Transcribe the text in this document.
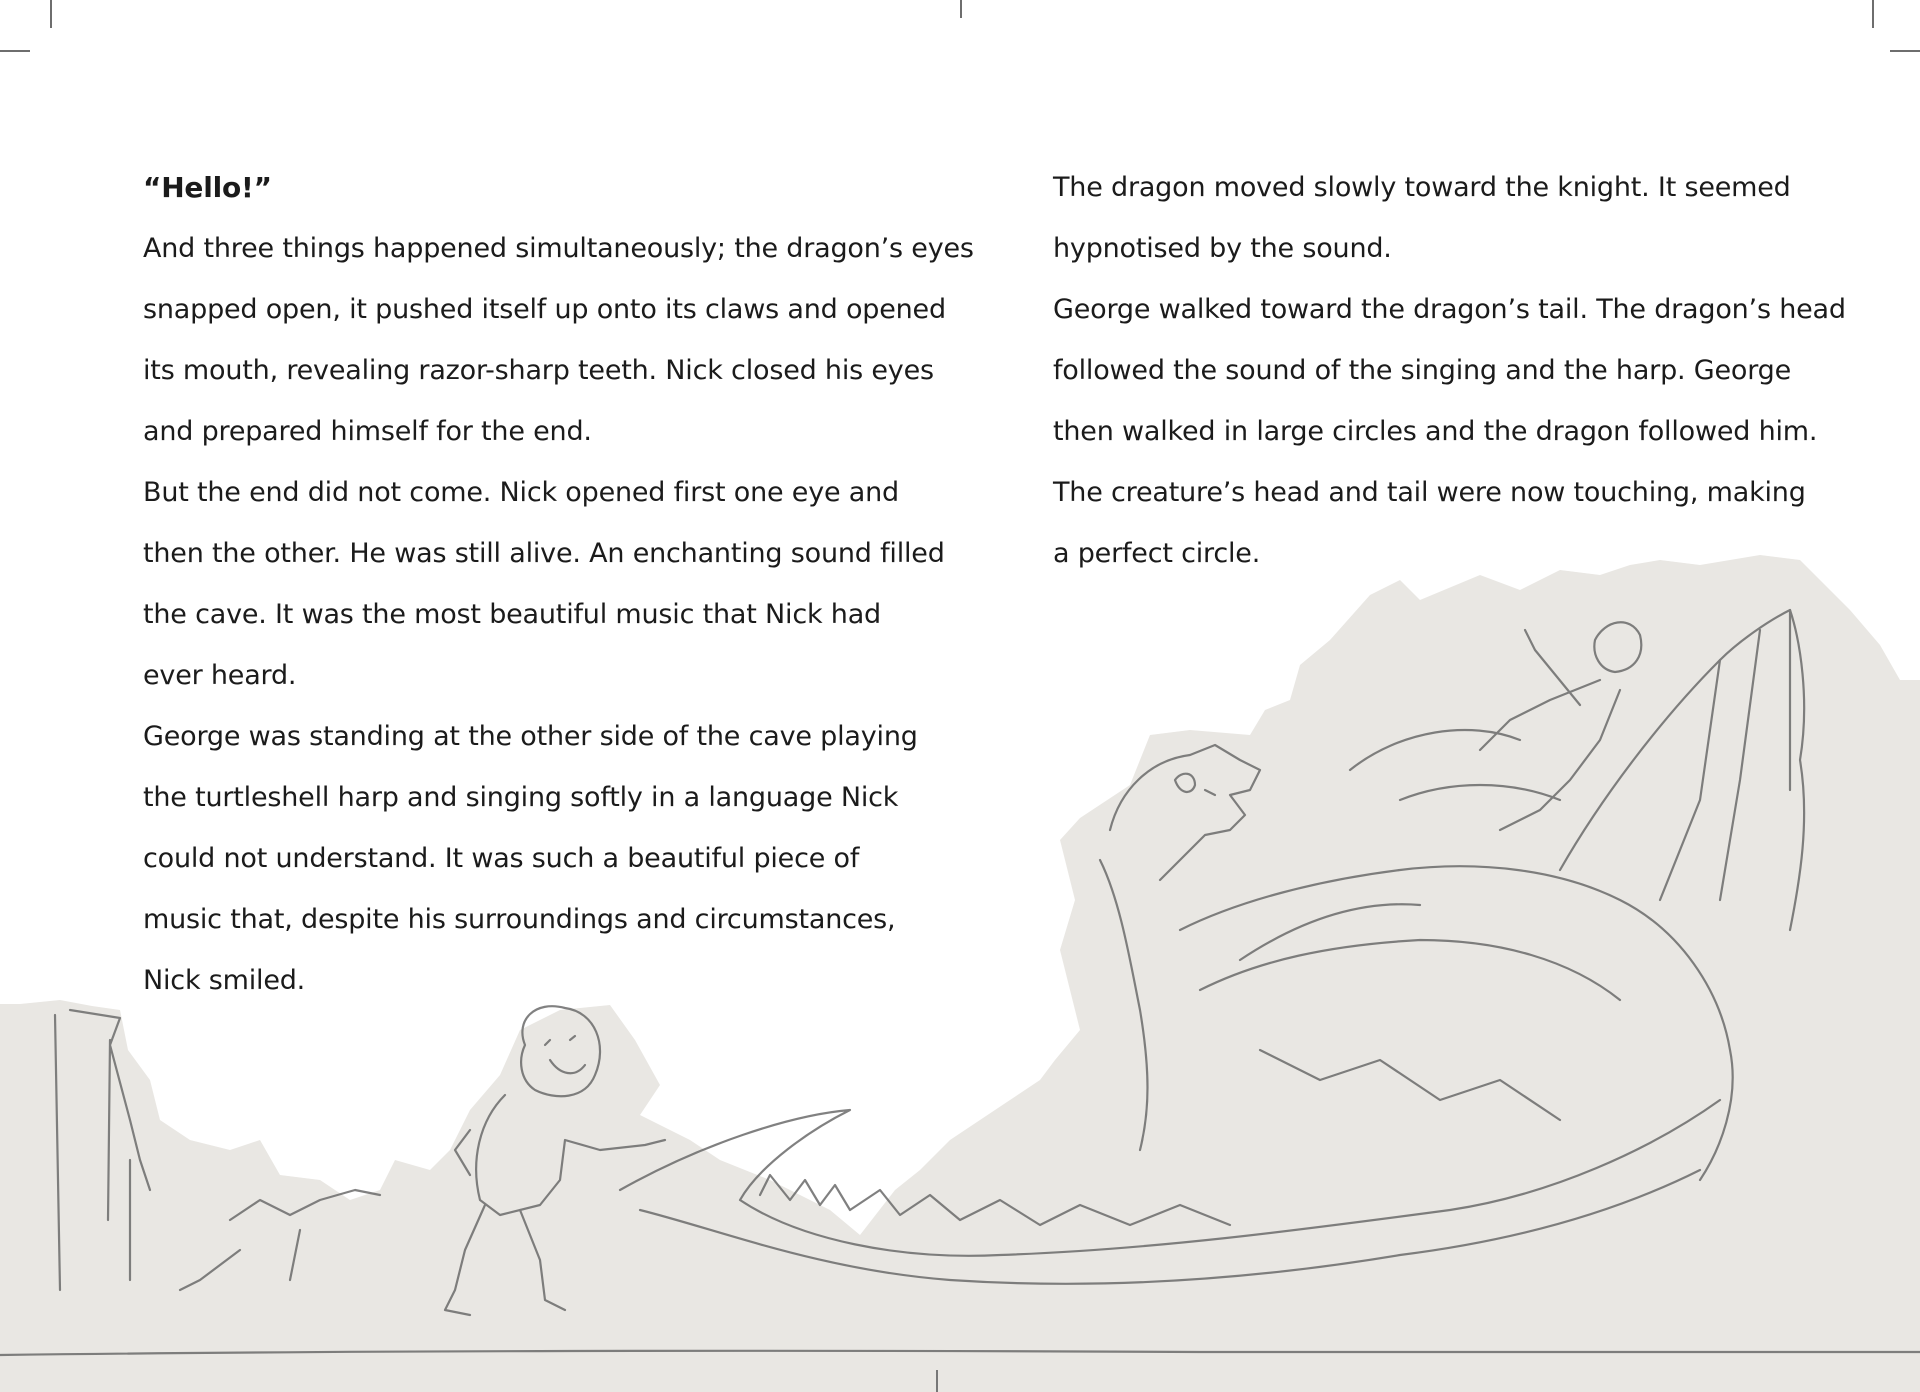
“Hello!”

And three things happened simultaneously; the dragon’s eyes
snapped open, it pushed itself up onto its claws and opened
its mouth, revealing razor-sharp teeth. Nick closed his eyes
and prepared himself for the end.

But the end did not come. Nick opened first one eye and
then the other. He was still alive. An enchanting sound filled
the cave. It was the most beautiful music that Nick had
ever heard.

George was standing at the other side of the cave playing
the turtleshell harp and singing softly in a language Nick
could not understand. It was such a beautiful piece of
music that, despite his surroundings and circumstances,
Nick smiled.

The dragon moved slowly toward the knight. It seemed
hypnotised by the sound.

George walked toward the dragon’s tail. The dragon’s head
followed the sound of the singing and the harp. George
then walked in large circles and the dragon followed him.
The creature’s head and tail were now touching, making
a perfect circle.
